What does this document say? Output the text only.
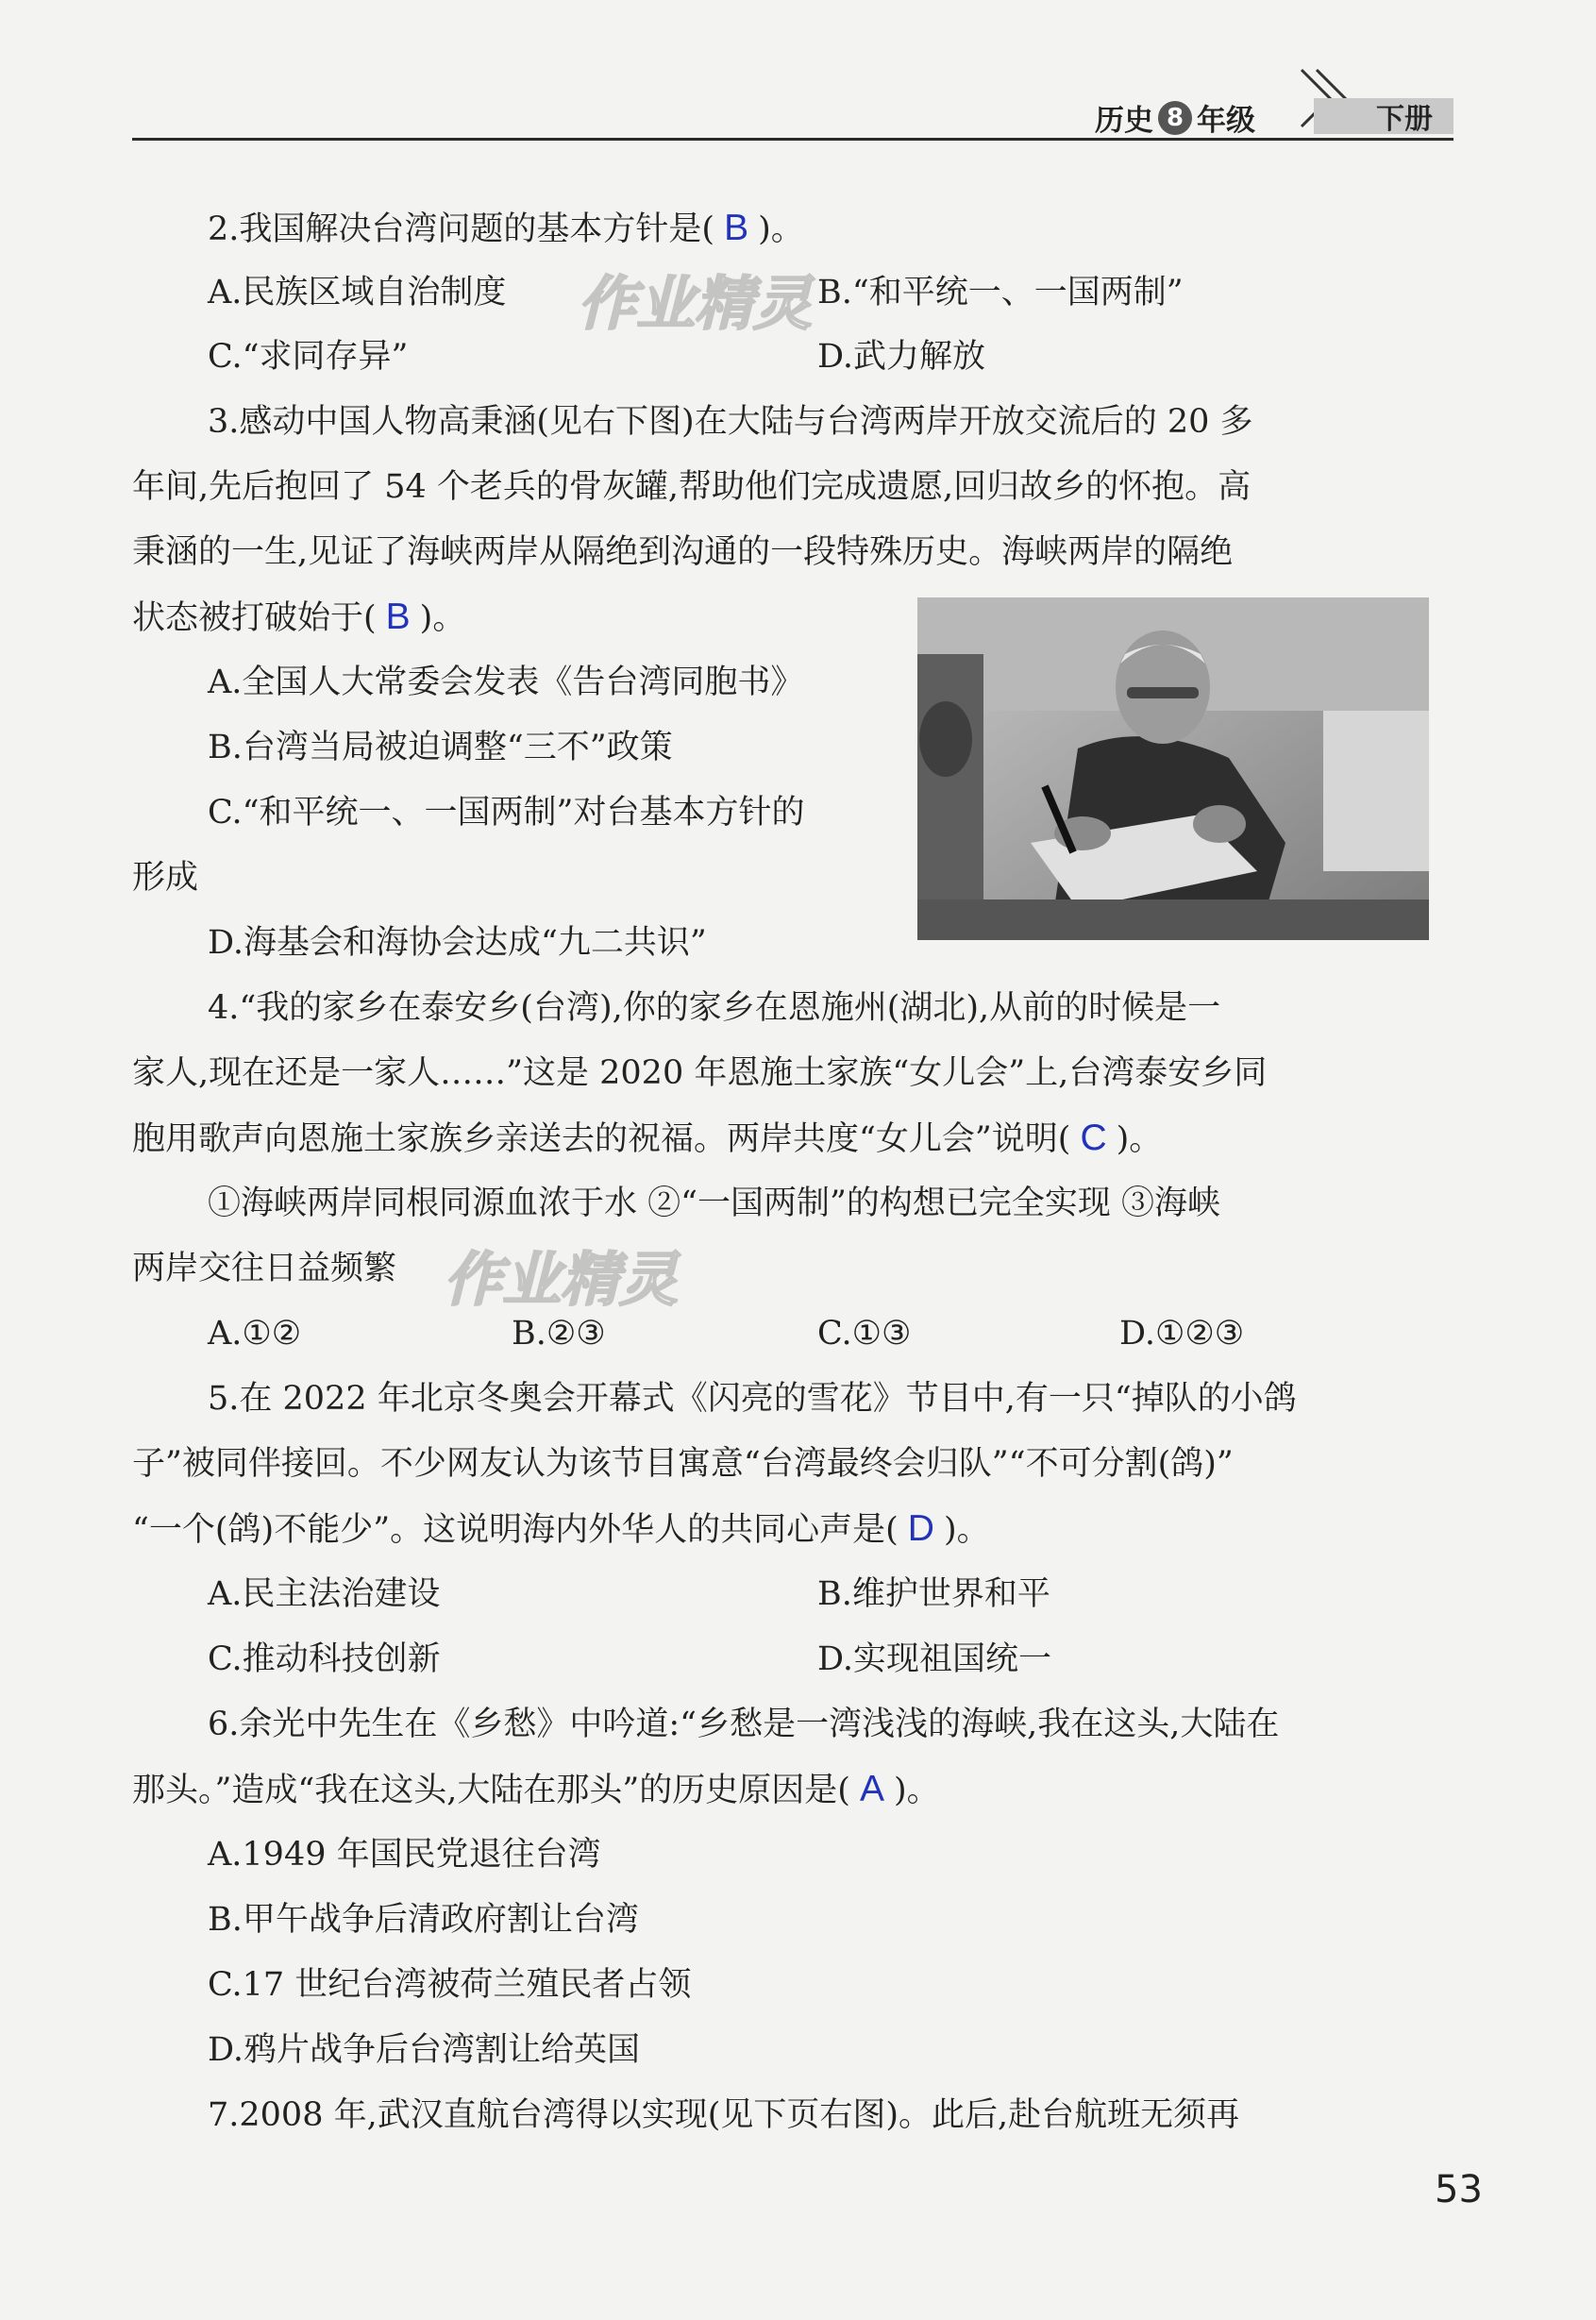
历史 8 年级	下册
2.我国解决台湾问题的基本方针是( B )。
A.民族区域自治制度	B.“和平统一、一国两制”
C.“求同存异”	D.武力解放
作业精灵
3.感动中国人物高秉涵(见右下图)在大陆与台湾两岸开放交流后的 20 多
年间,先后抱回了 54 个老兵的骨灰罐,帮助他们完成遗愿,回归故乡的怀抱。高
秉涵的一生,见证了海峡两岸从隔绝到沟通的一段特殊历史。海峡两岸的隔绝
状态被打破始于( B )。
A.全国人大常委会发表《告台湾同胞书》
B.台湾当局被迫调整“三不”政策
C.“和平统一、一国两制”对台基本方针的
形成
D.海基会和海协会达成“九二共识”
4.“我的家乡在泰安乡(台湾),你的家乡在恩施州(湖北),从前的时候是一
家人,现在还是一家人……”这是 2020 年恩施土家族“女儿会”上,台湾泰安乡同
胞用歌声向恩施土家族乡亲送去的祝福。两岸共度“女儿会”说明( C )。
①海峡两岸同根同源血浓于水 ②“一国两制”的构想已完全实现 ③海峡
两岸交往日益频繁 作业精灵
A.①②	B.②③	C.①③	D.①②③
5.在 2022 年北京冬奥会开幕式《闪亮的雪花》节目中,有一只“掉队的小鸽
子”被同伴接回。不少网友认为该节目寓意“台湾最终会归队”“不可分割(鸽)”
“一个(鸽)不能少”。这说明海内外华人的共同心声是( D )。
A.民主法治建设	B.维护世界和平
C.推动科技创新	D.实现祖国统一
6.余光中先生在《乡愁》中吟道:“乡愁是一湾浅浅的海峡,我在这头,大陆在
那头。”造成“我在这头,大陆在那头”的历史原因是( A )。
A.1949 年国民党退往台湾
B.甲午战争后清政府割让台湾
C.17 世纪台湾被荷兰殖民者占领
D.鸦片战争后台湾割让给英国
7.2008 年,武汉直航台湾得以实现(见下页右图)。此后,赴台航班无须再
53
